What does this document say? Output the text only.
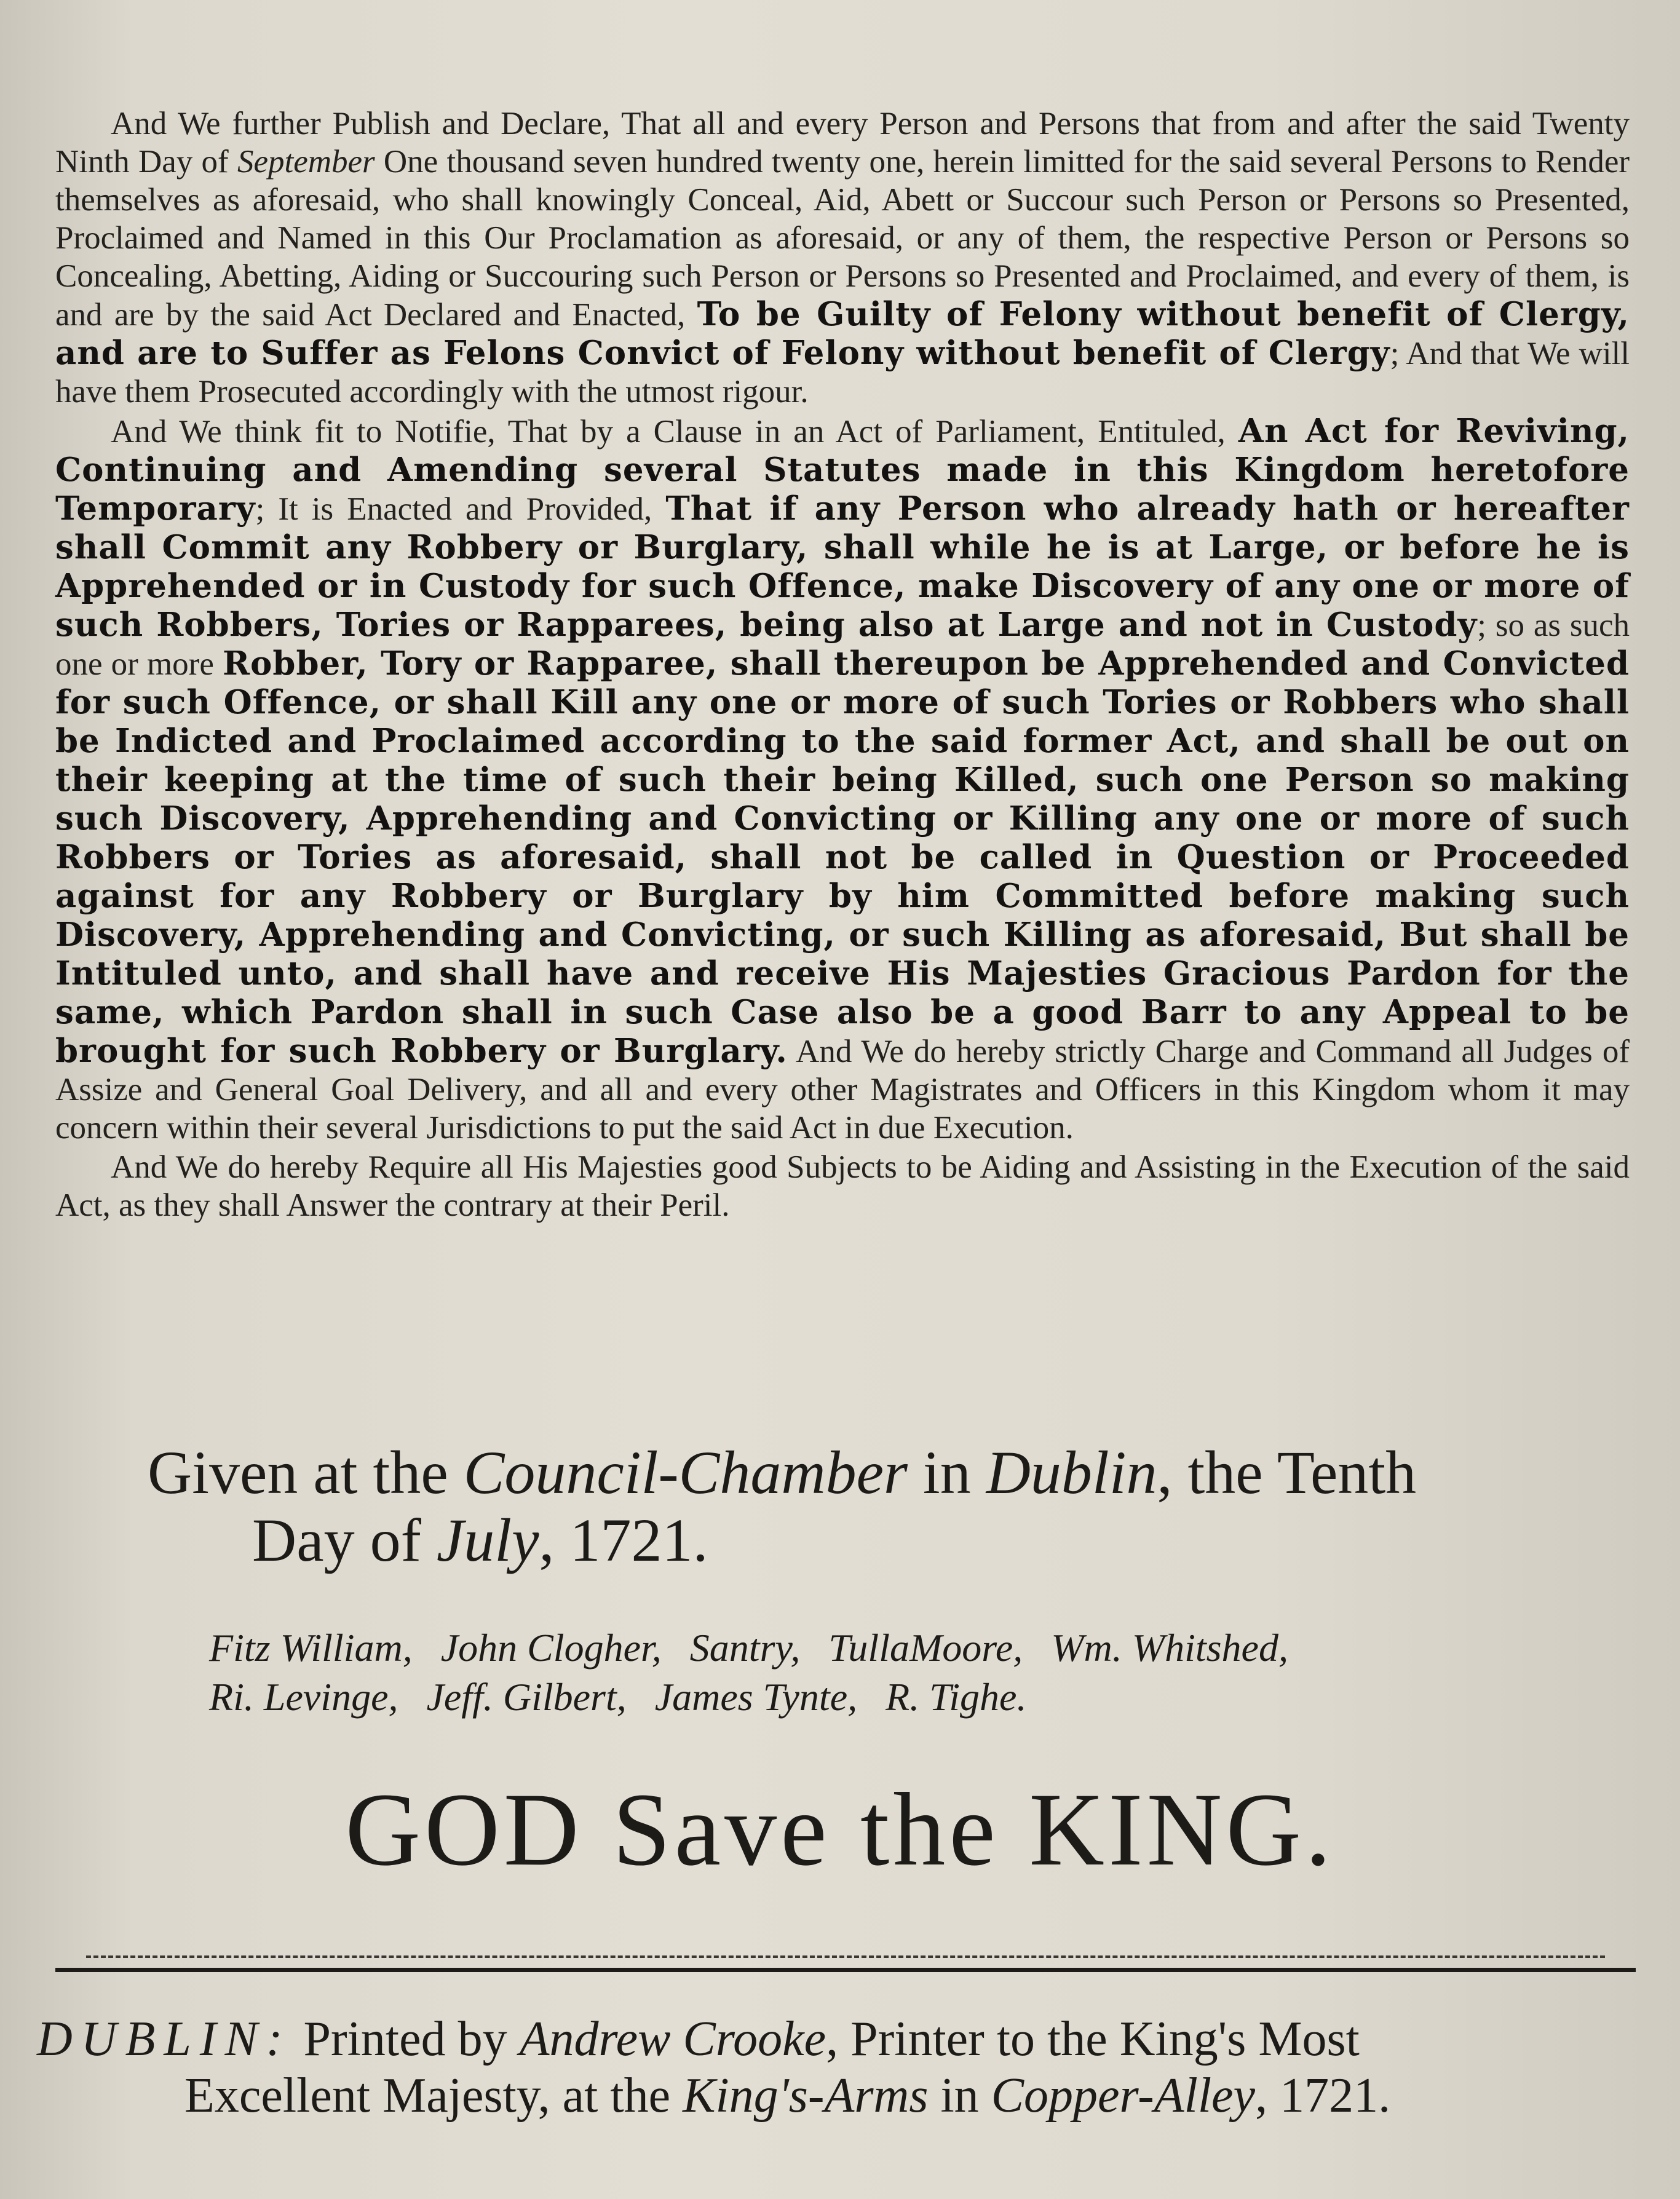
And We further Publish and Declare, That all and every Person and Persons that from and after the said Twenty Ninth Day of September One thousand seven hundred twenty one, herein limitted for the said several Persons to Render themselves as aforesaid, who shall knowingly Conceal, Aid, Abett or Succour such Person or Persons so Presented, Proclaimed and Named in this Our Proclamation as aforesaid, or any of them, the respective Person or Persons so Concealing, Abetting, Aiding or Succouring such Person or Persons so Presented and Proclaimed, and every of them, is and are by the said Act Declared and Enacted, To be Guilty of Felony without benefit of Clergy, and are to Suffer as Felons Convict of Felony without benefit of Clergy; And that We will have them Prosecuted accordingly with the utmost rigour.

And We think fit to Notifie, That by a Clause in an Act of Parliament, Entituled, An Act for Reviving, Continuing and Amending several Statutes made in this Kingdom heretofore Temporary; It is Enacted and Provided, That if any Person who already hath or hereafter shall Commit any Robbery or Burglary, shall while he is at Large, or before he is Apprehended or in Custody for such Offence, make Discovery of any one or more of such Robbers, Tories or Rapparees, being also at Large and not in Custody; so as such one or more Robber, Tory or Rapparee, shall thereupon be Apprehended and Convicted for such Offence, or shall Kill any one or more of such Tories or Robbers who shall be Indicted and Proclaimed according to the said former Act, and shall be out on their keeping at the time of such their being Killed, such one Person so making such Discovery, Apprehending and Convicting or Killing any one or more of such Robbers or Tories as aforesaid, shall not be called in Question or Proceeded against for any Robbery or Burglary by him Committed before making such Discovery, Apprehending and Convicting, or such Killing as aforesaid, But shall be Intituled unto, and shall have and receive His Majesties Gracious Pardon for the same, which Pardon shall in such Case also be a good Barr to any Appeal to be brought for such Robbery or Burglary. And We do hereby strictly Charge and Command all Judges of Assize and General Goal Delivery, and all and every other Magistrates and Officers in this Kingdom whom it may concern within their several Jurisdictions to put the said Act in due Execution.

And We do hereby Require all His Majesties good Subjects to be Aiding and Assisting in the Execution of the said Act, as they shall Answer the contrary at their Peril.

Given at the Council-Chamber in Dublin, the Tenth
Day of July, 1721.
Fitz William, John Clogher, Santry, TullaMoore, Wm. Whitshed,
Ri. Levinge, Jeff. Gilbert, James Tynte, R. Tighe.
GOD Save the KING.
DUBLIN: Printed by Andrew Crooke, Printer to the King's Most
Excellent Majesty, at the King's-Arms in Copper-Alley, 1721.
